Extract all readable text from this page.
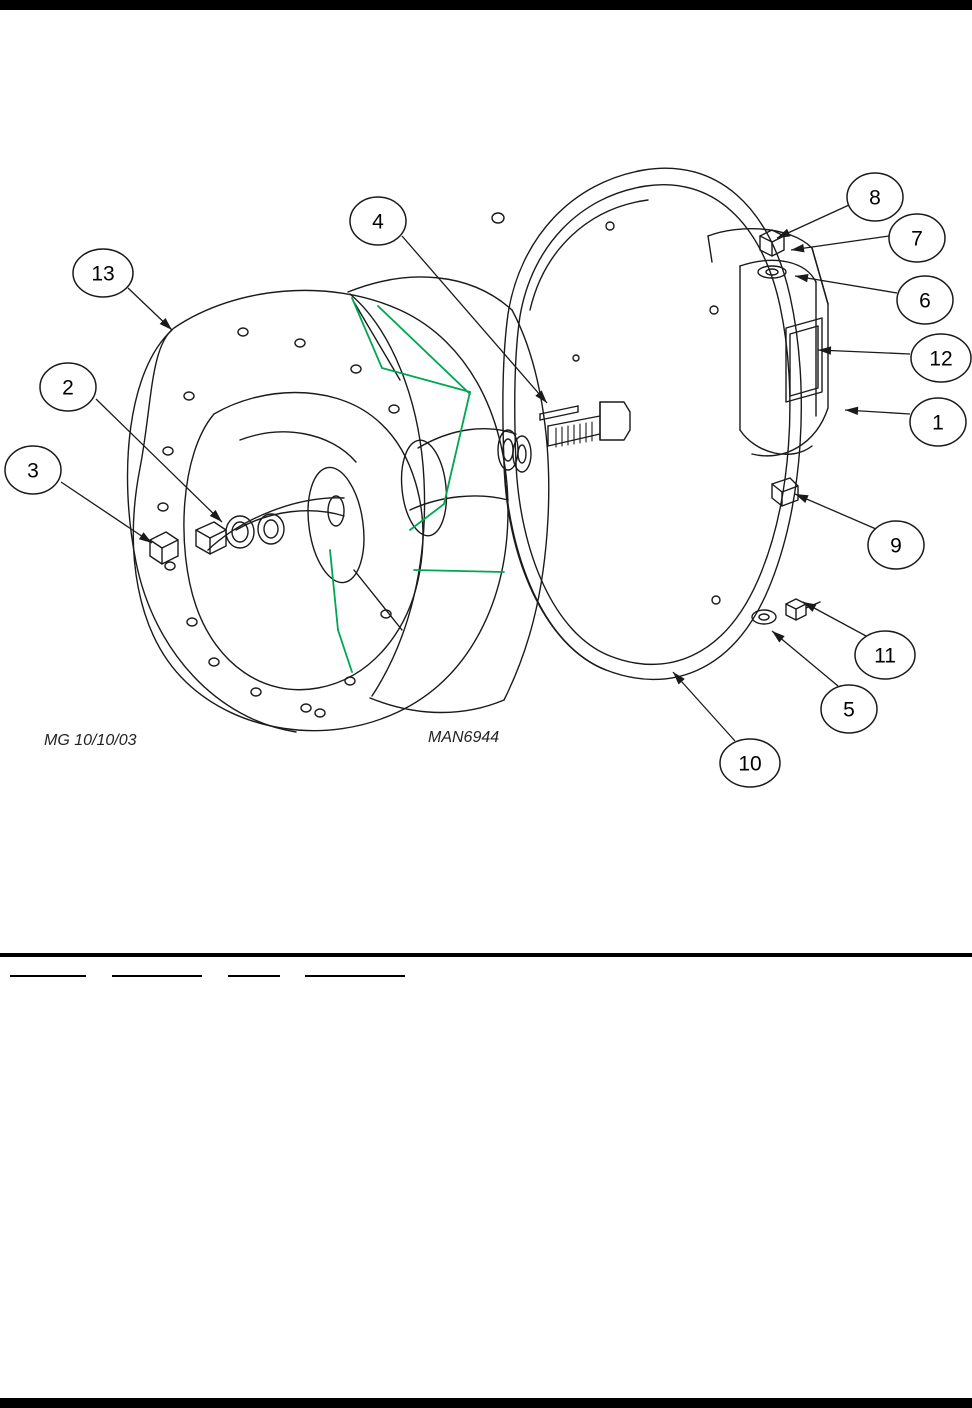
1
2
3
4
5
6
7
8
9
10
11
12
13
MG 10/10/03	MAN6944
